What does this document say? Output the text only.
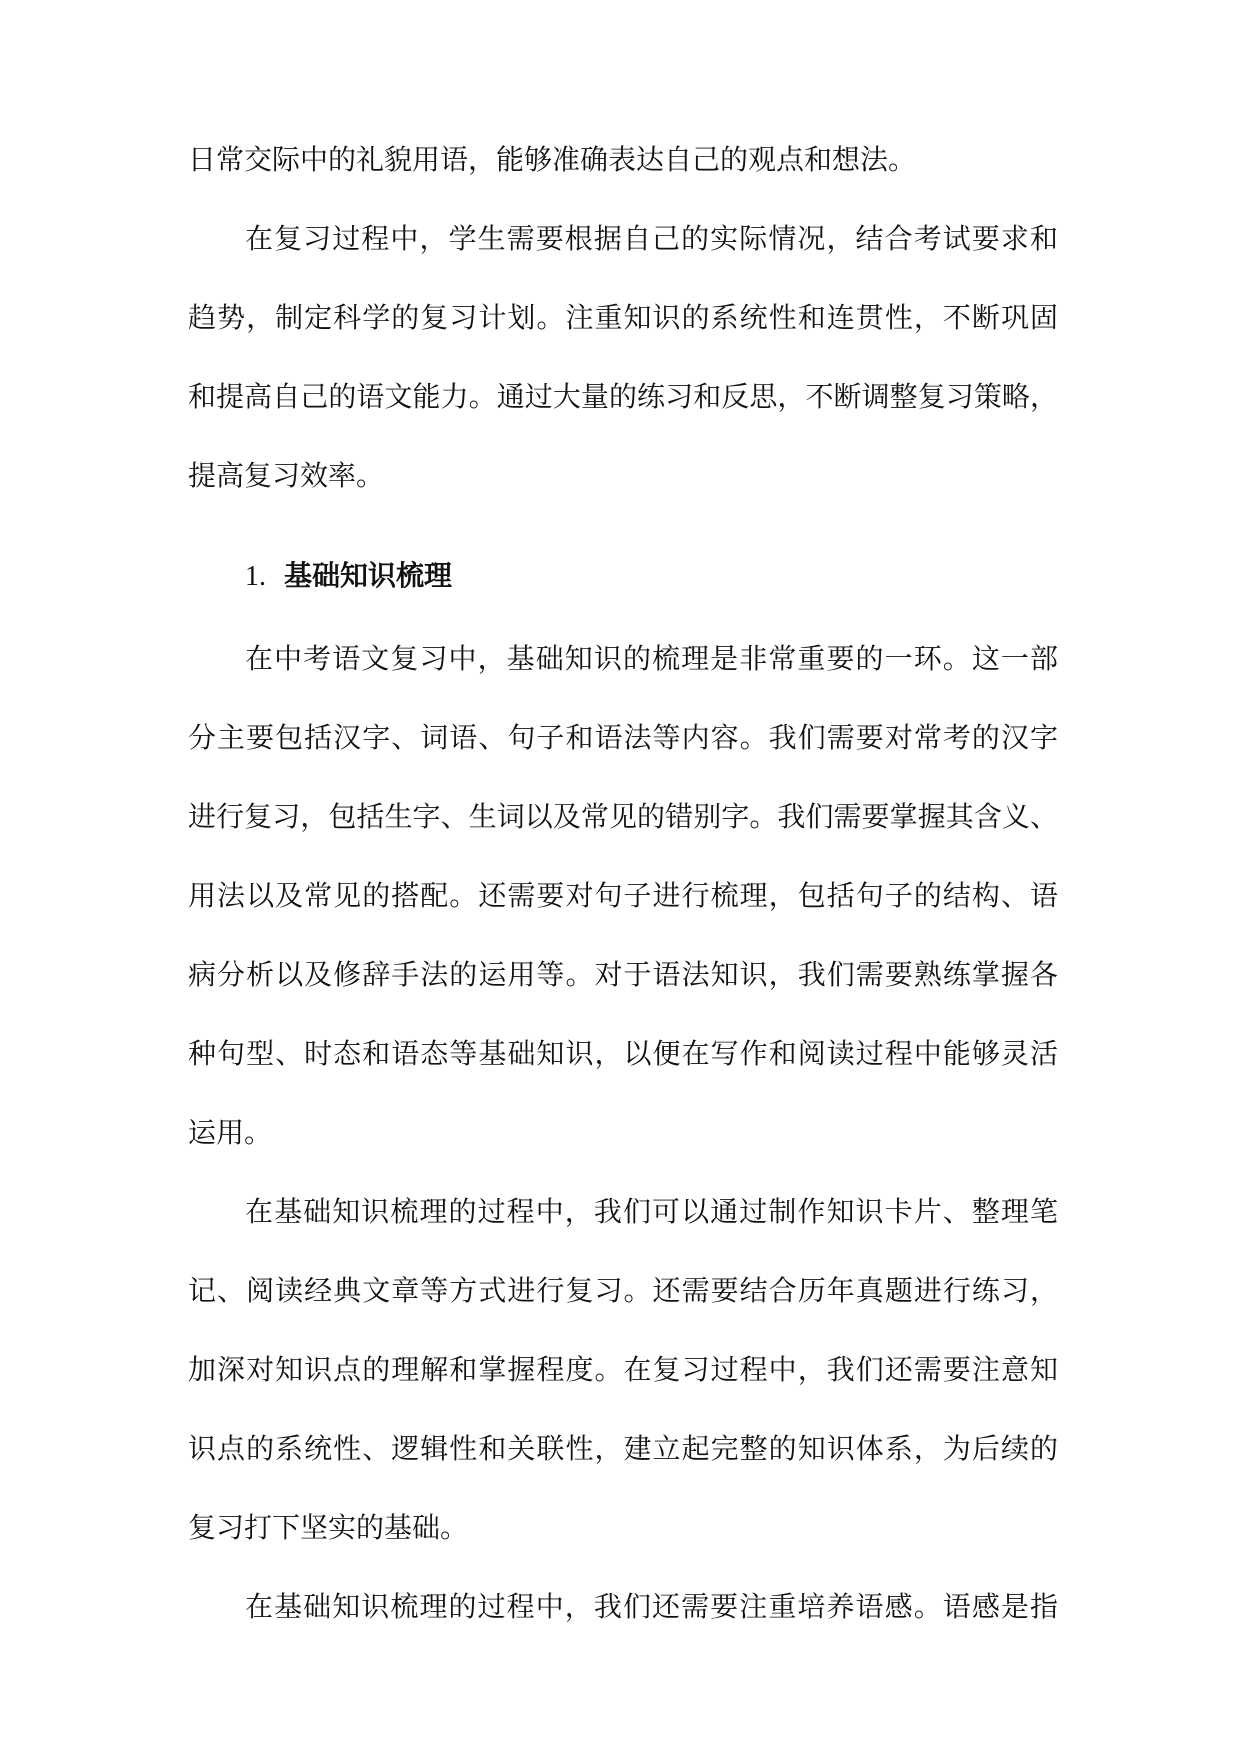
日常交际中的礼貌用语，能够准确表达自己的观点和想法。
在复习过程中，学生需要根据自己的实际情况，结合考试要求和
趋势，制定科学的复习计划。注重知识的系统性和连贯性，不断巩固
和提高自己的语文能力。通过大量的练习和反思，不断调整复习策略，
提高复习效率。
1. 基础知识梳理
在中考语文复习中，基础知识的梳理是非常重要的一环。这一部
分主要包括汉字、词语、句子和语法等内容。我们需要对常考的汉字
进行复习，包括生字、生词以及常见的错别字。我们需要掌握其含义、
用法以及常见的搭配。还需要对句子进行梳理，包括句子的结构、语
病分析以及修辞手法的运用等。对于语法知识，我们需要熟练掌握各
种句型、时态和语态等基础知识，以便在写作和阅读过程中能够灵活
运用。
在基础知识梳理的过程中，我们可以通过制作知识卡片、整理笔
记、阅读经典文章等方式进行复习。还需要结合历年真题进行练习，
加深对知识点的理解和掌握程度。在复习过程中，我们还需要注意知
识点的系统性、逻辑性和关联性，建立起完整的知识体系，为后续的
复习打下坚实的基础。
在基础知识梳理的过程中，我们还需要注重培养语感。语感是指
